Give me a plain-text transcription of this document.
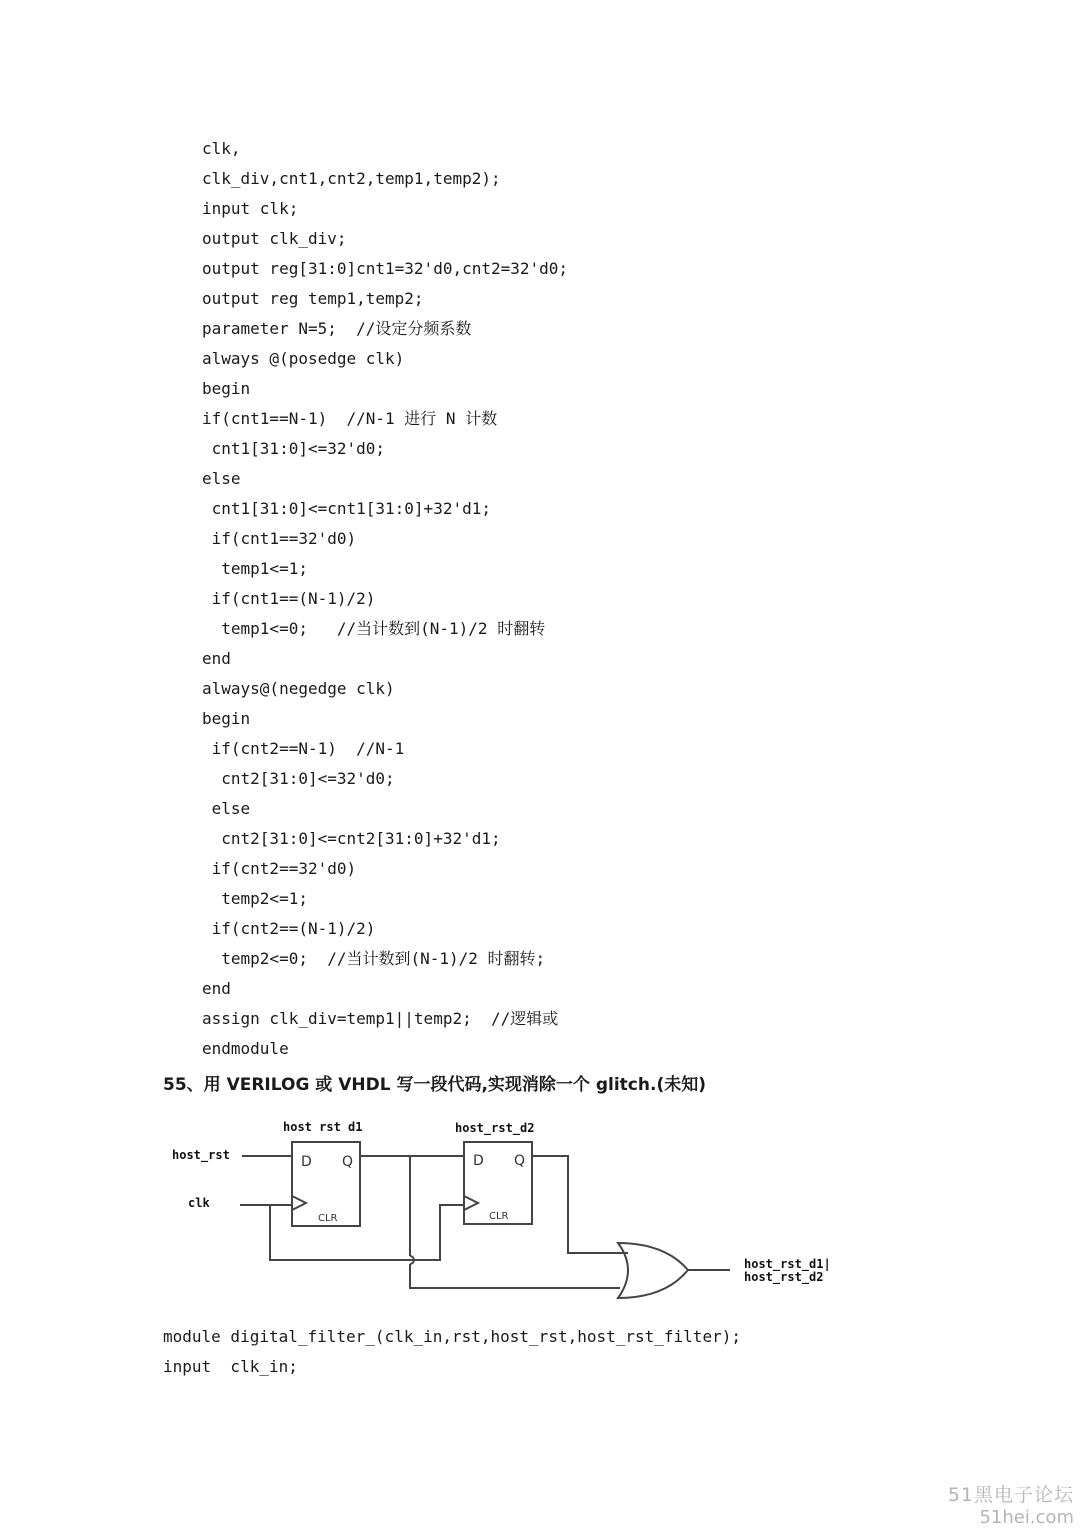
clk,
clk_div,cnt1,cnt2,temp1,temp2);
input clk;
output clk_div;
output reg[31:0]cnt1=32'd0,cnt2=32'd0;
output reg temp1,temp2;
parameter N=5;  //设定分频系数
always @(posedge clk)
begin
if(cnt1==N-1)  //N-1 进行 N 计数
cnt1[31:0]<=32'd0;
else
cnt1[31:0]<=cnt1[31:0]+32'd1;
if(cnt1==32'd0)
temp1<=1;
if(cnt1==(N-1)/2)
temp1<=0;   //当计数到(N-1)/2 时翻转
end
always@(negedge clk)
begin
if(cnt2==N-1)  //N-1
cnt2[31:0]<=32'd0;
else
cnt2[31:0]<=cnt2[31:0]+32'd1;
if(cnt2==32'd0)
temp2<=1;
if(cnt2==(N-1)/2)
temp2<=0;  //当计数到(N-1)/2 时翻转;
end
assign clk_div=temp1||temp2;  //逻辑或
endmodule
55、用 VERILOG 或 VHDL 写一段代码,实现消除一个 glitch.(未知)
host rst d1	host_rst_d2
host_rst
clk
host_rst_d1|
host_rst_d2
D Q
CLR
D Q
CLR
module digital_filter_(clk_in,rst,host_rst,host_rst_filter);
input  clk_in;
51黑电子论坛
51hei.com
